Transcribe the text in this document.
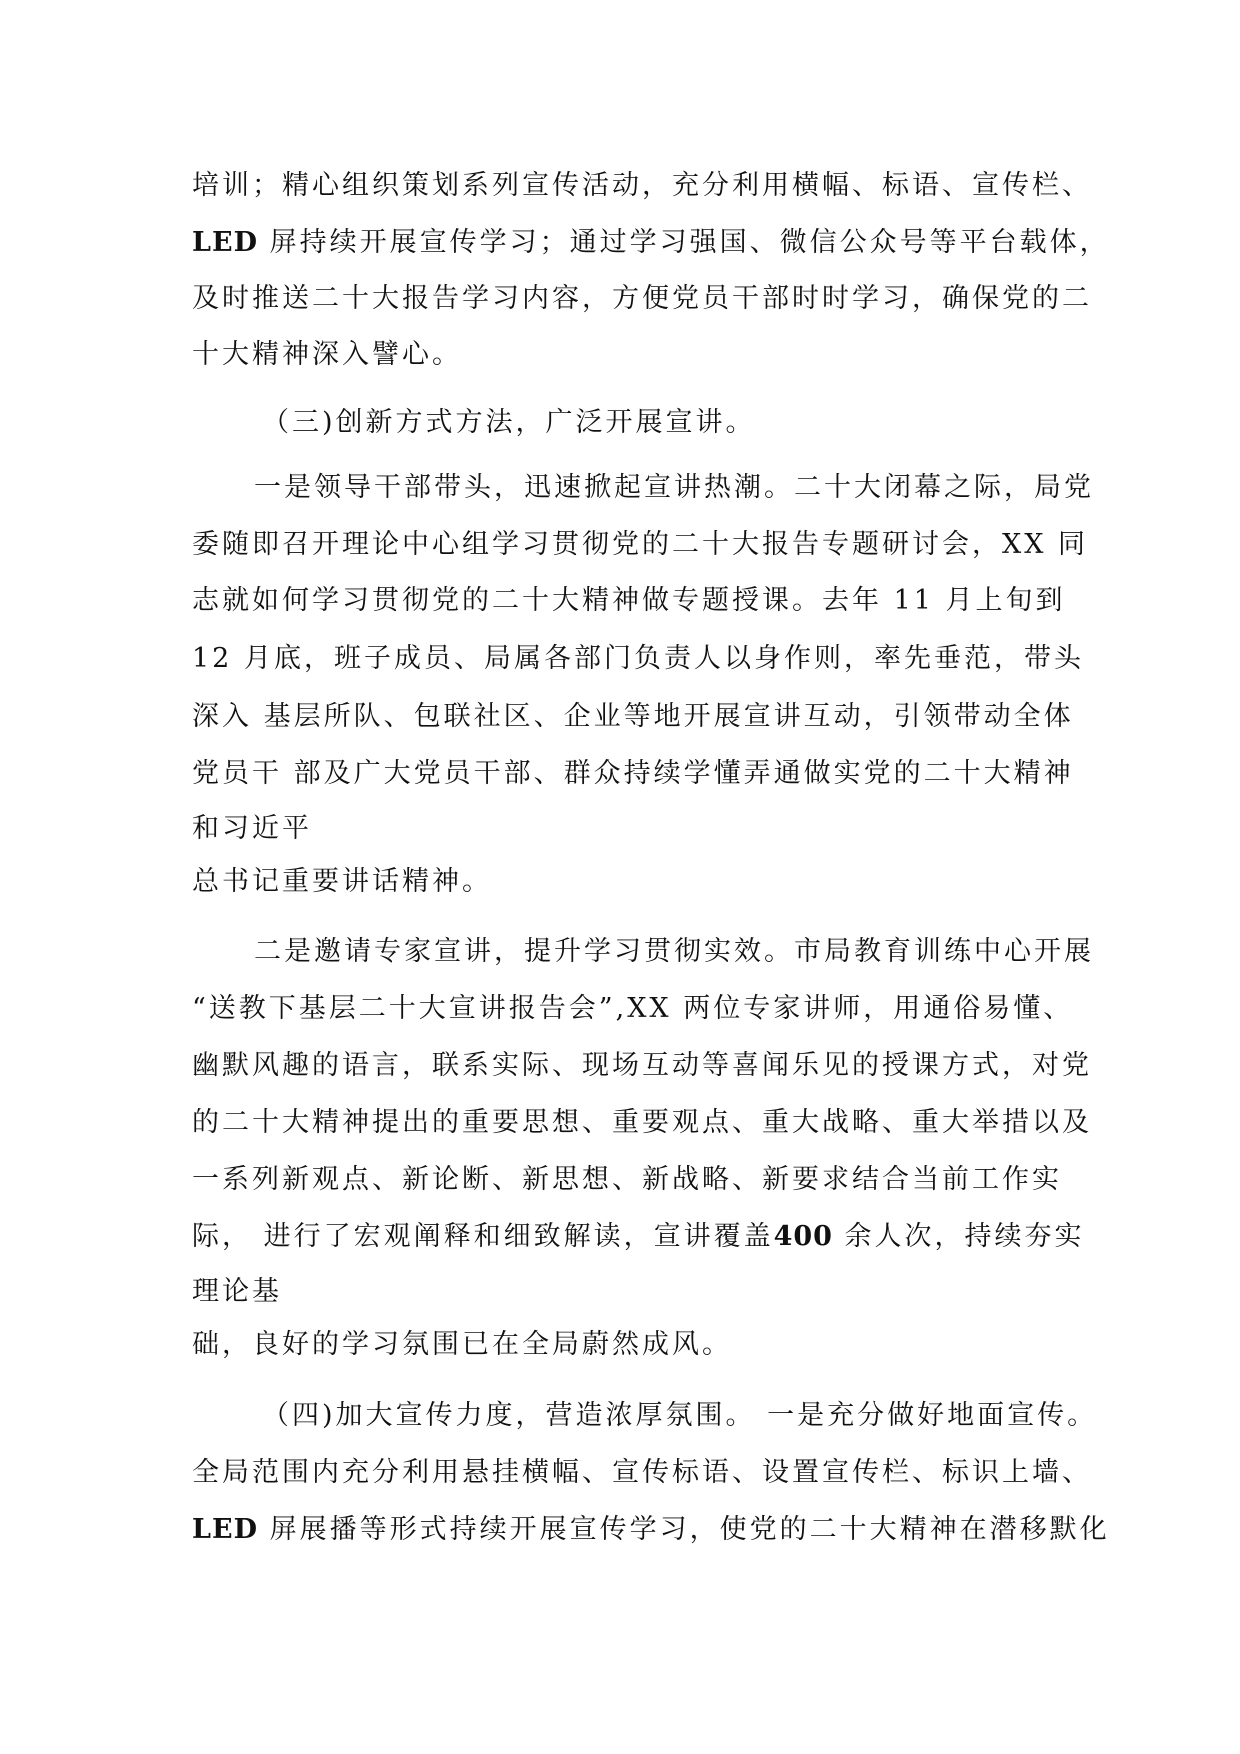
培训；精心组织策划系列宣传活动，充分利用横幅、标语、宣传栏、

LED 屏持续开展宣传学习；通过学习强国、微信公众号等平台载体，

及时推送二十大报告学习内容，方便党员干部时时学习，确保党的二

十大精神深入譬心。

（三)创新方式方法，广泛开展宣讲。

一是领导干部带头，迅速掀起宣讲热潮。二十大闭幕之际，局党

委随即召开理论中心组学习贯彻党的二十大报告专题研讨会，XX 同

志就如何学习贯彻党的二十大精神做专题授课。去年 11 月上旬到

12 月底，班子成员、局属各部门负责人以身作则，率先垂范，带头

深入 基层所队、包联社区、企业等地开展宣讲互动，引领带动全体

党员干 部及广大党员干部、群众持续学懂弄通做实党的二十大精神

和习近平

总书记重要讲话精神。

二是邀请专家宣讲，提升学习贯彻实效。市局教育训练中心开展

“送教下基层二十大宣讲报告会”,XX 两位专家讲师，用通俗易懂、

幽默风趣的语言，联系实际、现场互动等喜闻乐见的授课方式，对党

的二十大精神提出的重要思想、重要观点、重大战略、重大举措以及

一系列新观点、新论断、新思想、新战略、新要求结合当前工作实

际， 进行了宏观阐释和细致解读，宣讲覆盖400 余人次，持续夯实

理论基

础，良好的学习氛围已在全局蔚然成风。

（四)加大宣传力度，营造浓厚氛围。 一是充分做好地面宣传。

全局范围内充分利用悬挂横幅、宣传标语、设置宣传栏、标识上墙、

LED 屏展播等形式持续开展宣传学习，使党的二十大精神在潜移默化
